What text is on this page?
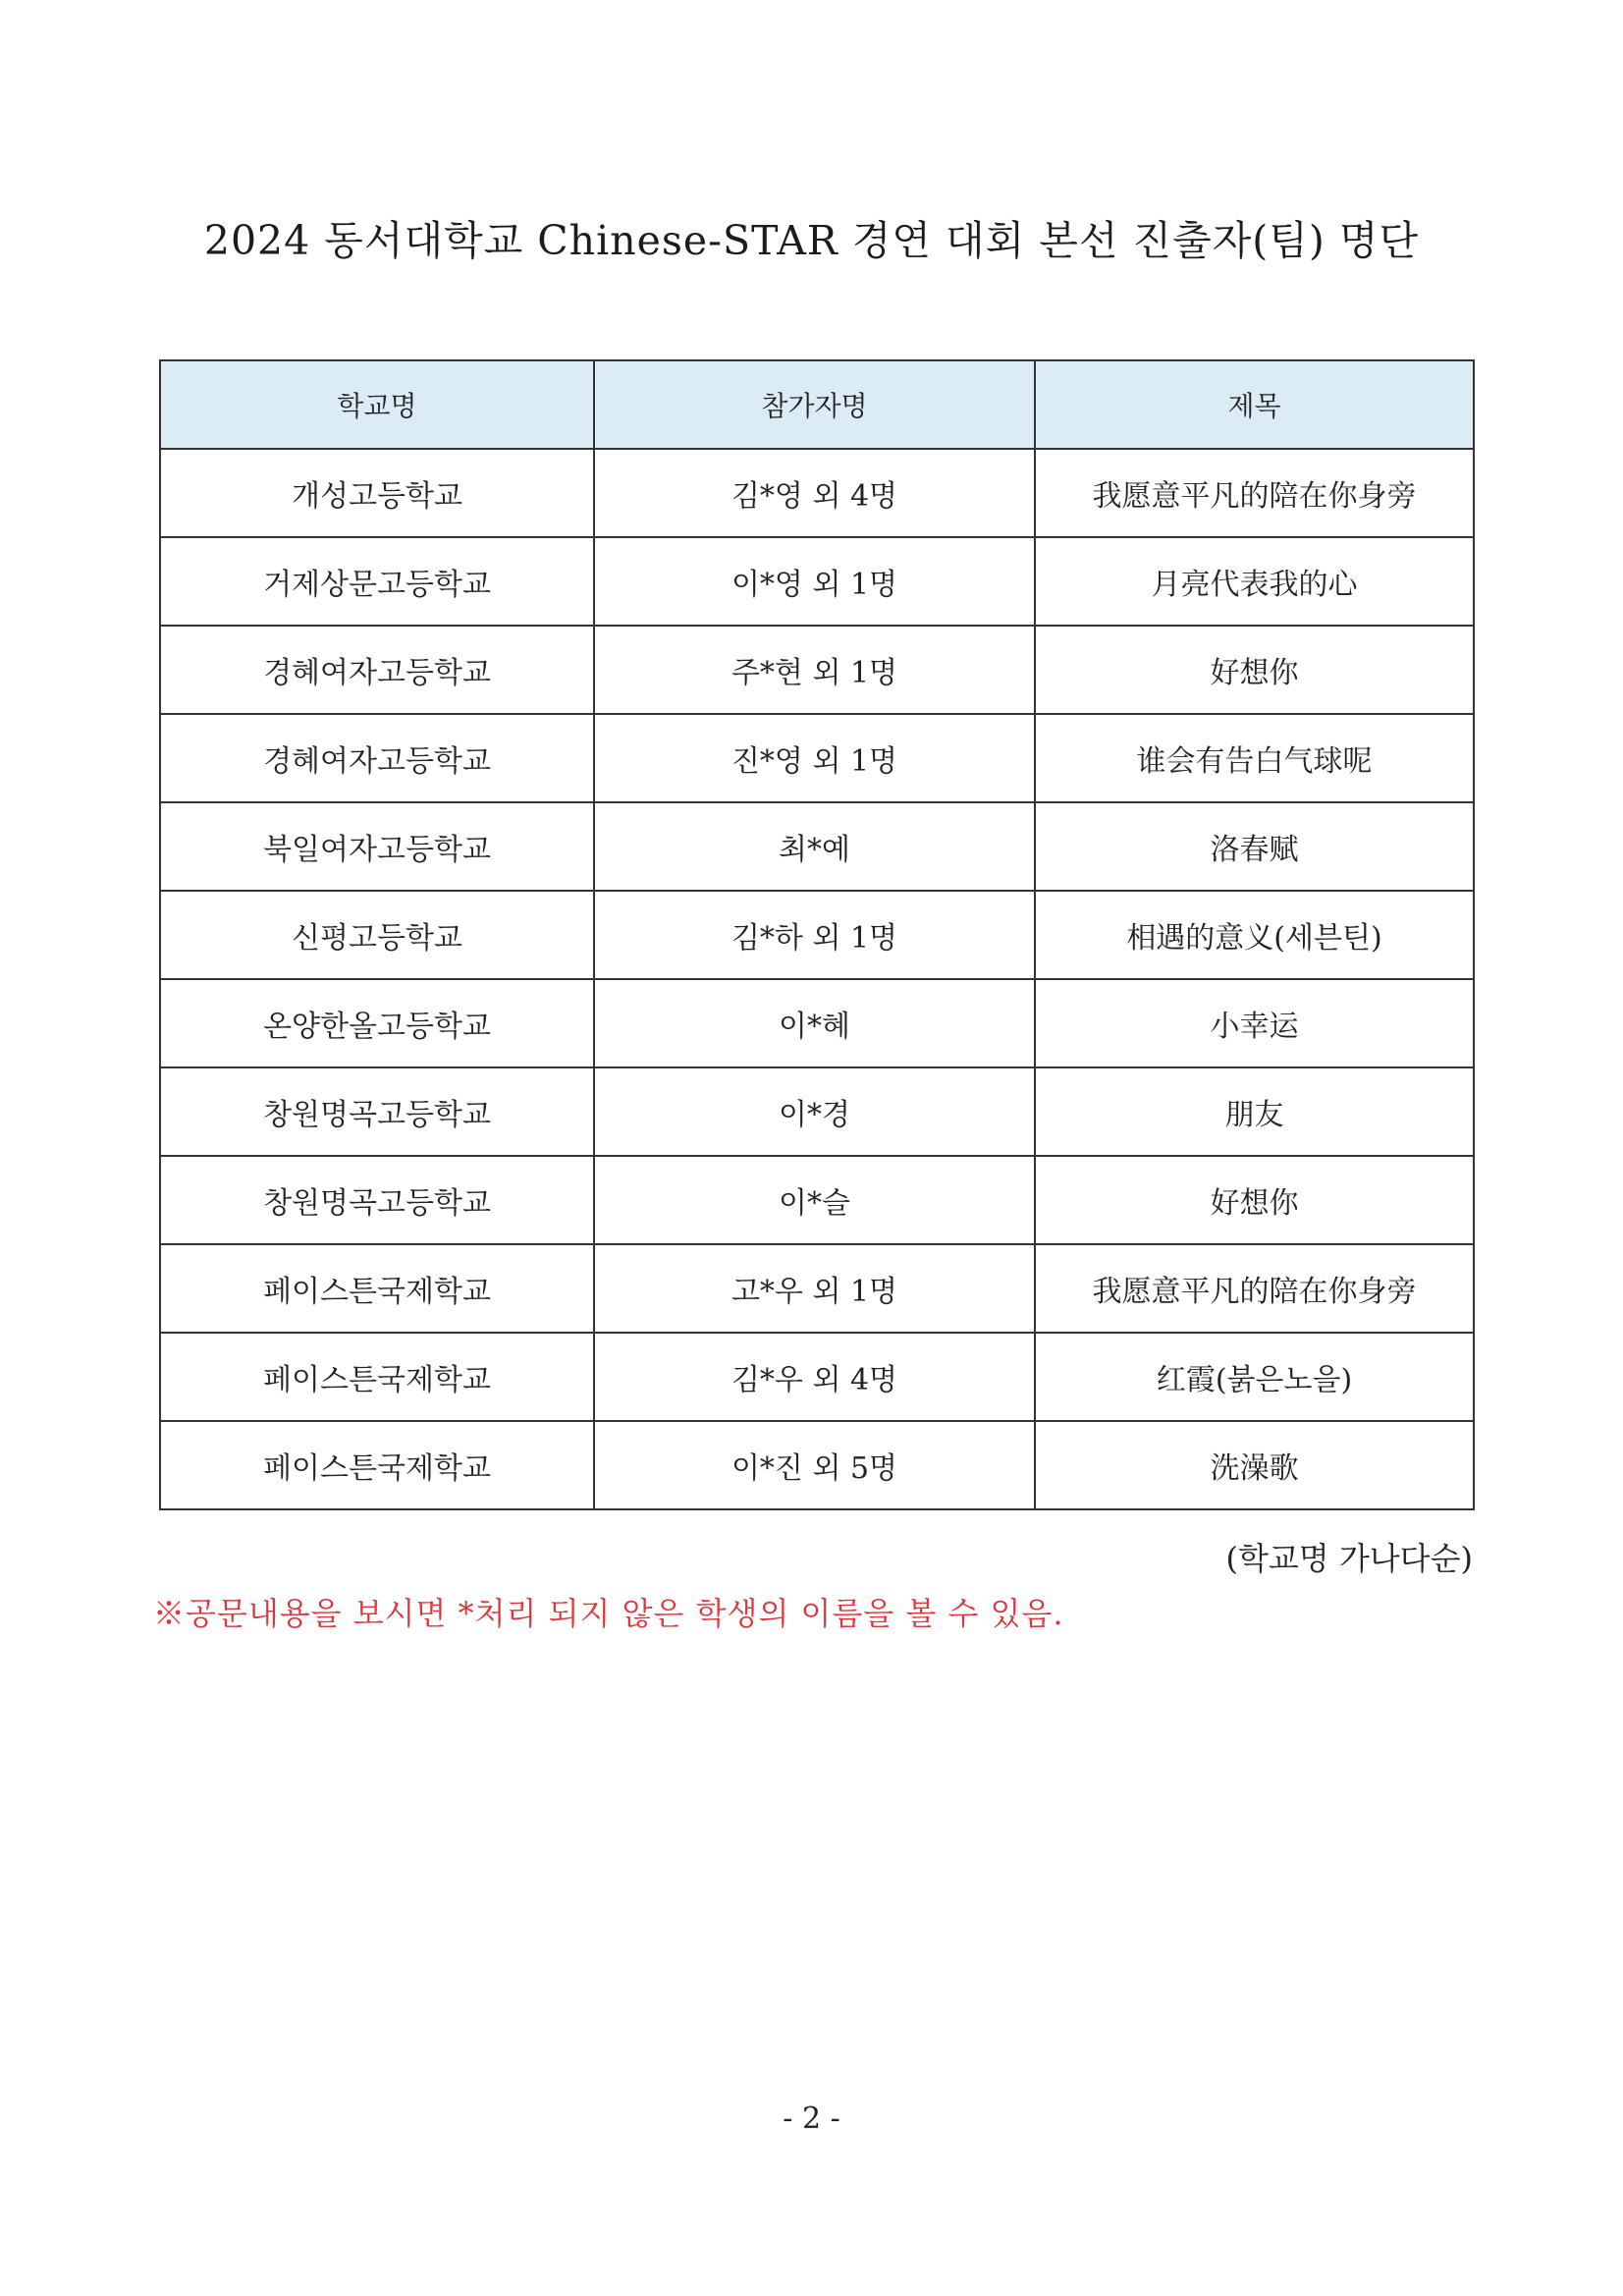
2024 동서대학교 Chinese-STAR 경연 대회 본선 진출자(팀) 명단
학교명	참가자명	제목
개성고등학교	김*영 외 4명	我愿意平凡的陪在你身旁
거제상문고등학교	이*영 외 1명	月亮代表我的心
경혜여자고등학교	주*현 외 1명	好想你
경혜여자고등학교	진*영 외 1명	谁会有告白气球呢
북일여자고등학교	최*예	洛春赋
신평고등학교	김*하 외 1명	相遇的意义(세븐틴)
온양한올고등학교	이*혜	小幸运
창원명곡고등학교	이*경	朋友
창원명곡고등학교	이*슬	好想你
페이스튼국제학교	고*우 외 1명	我愿意平凡的陪在你身旁
페이스튼국제학교	김*우 외 4명	红霞(붉은노을)
페이스튼국제학교	이*진 외 5명	洗澡歌
(학교명 가나다순)
※공문내용을 보시면 *처리 되지 않은 학생의 이름을 볼 수 있음.
- 2 -
